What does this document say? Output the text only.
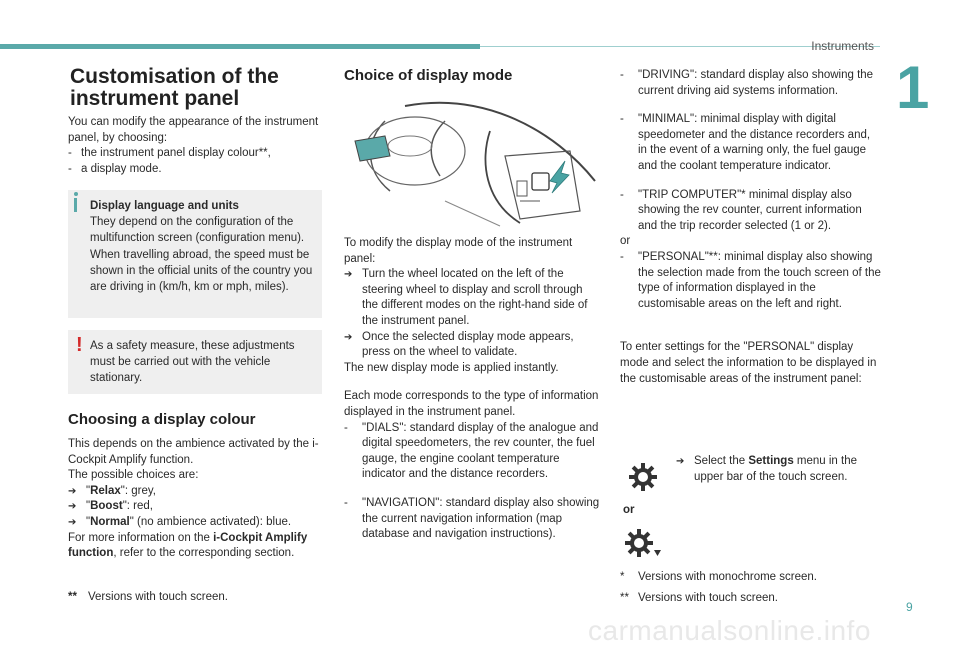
Instruments
1
9
carmanualsonline.info
Customisation of the instrument panel

You can modify the appearance of the instrument panel, by choosing:

- the instrument panel display colour**,
- a display mode.

Display language and units

They depend on the configuration of the multifunction screen (configuration menu). When travelling abroad, the speed must be shown in the official units of the country you are driving in (km/h, km or mph, miles).

! As a safety measure, these adjustments must be carried out with the vehicle stationary.
Choosing a display colour

This depends on the ambience activated by the i-Cockpit Amplify function.

The possible choices are:

➔ "Relax": grey,
➔ "Boost": red,
➔ "Normal" (no ambience activated): blue.

For more information on the i-Cockpit Amplify function, refer to the corresponding section.

** Versions with touch screen.
Choice of display mode

To modify the display mode of the instrument panel:

➔ Turn the wheel located on the left of the steering wheel to display and scroll through the different modes on the right-hand side of the instrument panel.
➔ Once the selected display mode appears, press on the wheel to validate.

The new display mode is applied instantly.

Each mode corresponds to the type of information displayed in the instrument panel.

-	"DIALS": standard display of the analogue and digital speedometers, the rev counter, the fuel gauge, the engine coolant temperature indicator and the distance recorders.
-	"NAVIGATION": standard display also showing the current navigation information (map database and navigation instructions).
-	"DRIVING": standard display also showing the current driving aid systems information.
-	"MINIMAL": minimal display with digital speedometer and the distance recorders and, in the event of a warning only, the fuel gauge and the coolant temperature indicator.
-	"TRIP COMPUTER"* minimal display also showing the rev counter, current information and the trip recorder selected (1 or 2).

or

-	"PERSONAL"**: minimal display also showing the selection made from the touch screen of the type of information displayed in the customisable areas on the left and right.

To enter settings for the "PERSONAL" display mode and select the information to be displayed in the customisable areas of the instrument panel:

or
➔ Select the Settings menu in the upper bar of the touch screen.
* Versions with monochrome screen.
** Versions with touch screen.
